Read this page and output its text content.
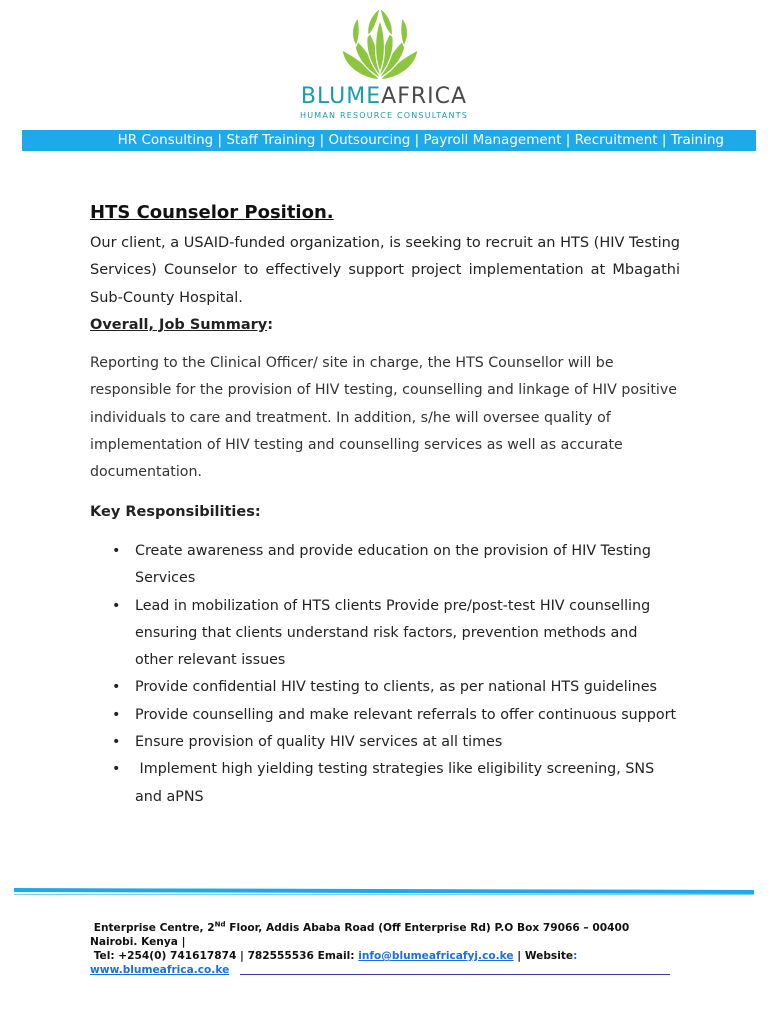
BLUMEAFRICA
HUMAN RESOURCE CONSULTANTS
HR Consulting | Staff Training | Outsourcing | Payroll Management | Recruitment | Training
HTS Counselor Position.

Our client, a USAID-funded organization, is seeking to recruit an HTS (HIV Testing Services) Counselor to effectively support project implementation at Mbagathi Sub-County Hospital.

Overall, Job Summary:

Reporting to the Clinical Officer/ site in charge, the HTS Counsellor will be responsible for the provision of HIV testing, counselling and linkage of HIV positive individuals to care and treatment. In addition, s/he will oversee quality of implementation of HIV testing and counselling services as well as accurate documentation.

Key Responsibilities:

• Create awareness and provide education on the provision of HIV Testing Services
• Lead in mobilization of HTS clients Provide pre/post-test HIV counselling ensuring that clients understand risk factors, prevention methods and other relevant issues
• Provide confidential HIV testing to clients, as per national HTS guidelines
• Provide counselling and make relevant referrals to offer continuous support
• Ensure provision of quality HIV services at all times
• Implement high yielding testing strategies like eligibility screening, SNS and aPNS
Enterprise Centre, 2Nd Floor, Addis Ababa Road (Off Enterprise Rd) P.O Box 79066 – 00400
Nairobi. Kenya |
Tel: +254(0) 741617874 | 782555536 Email: info@blumeafricafyj.co.ke | Website:
www.blumeafrica.co.ke
